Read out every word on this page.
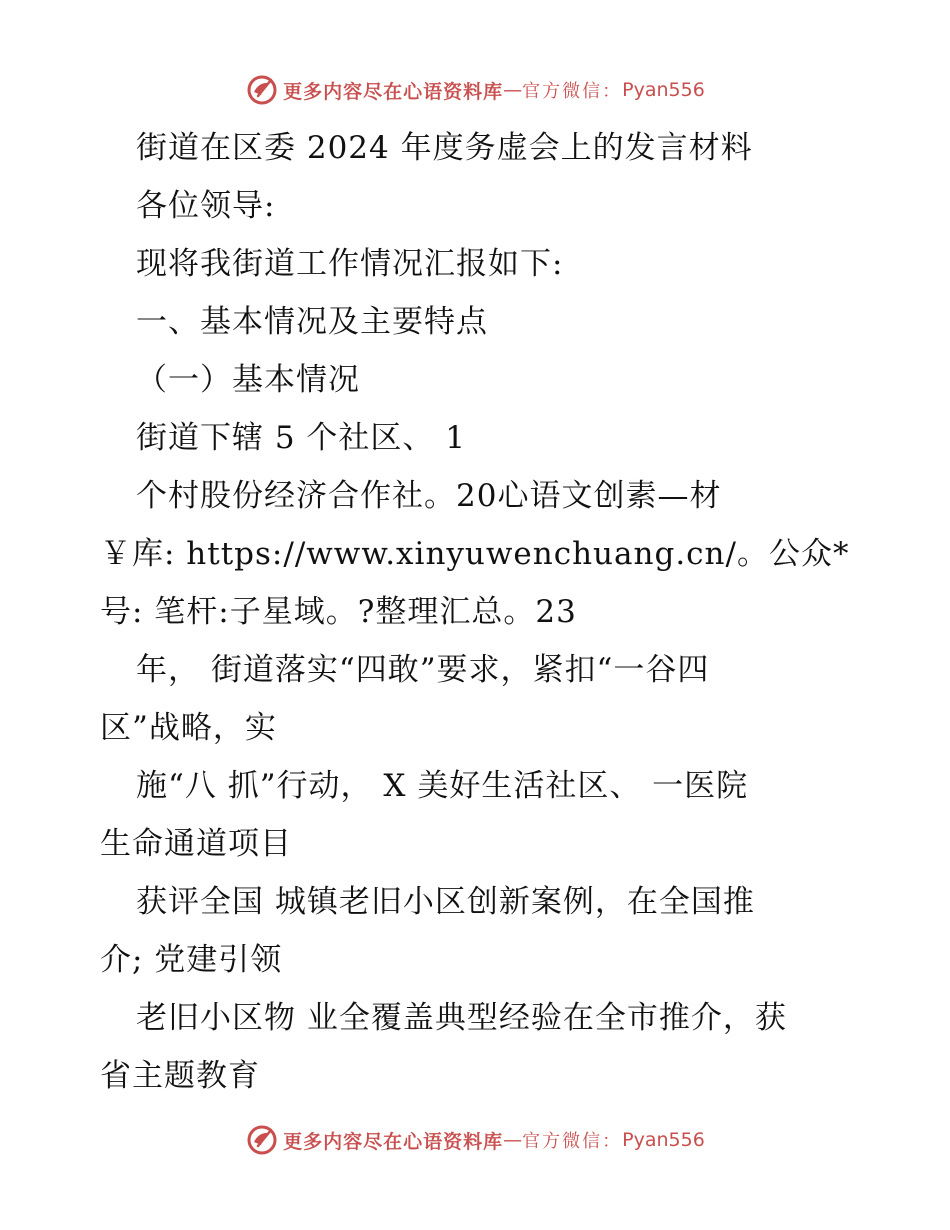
更多内容尽在心语资料库 — 官方微信： Pyan556
街道在区委 2024 年度务虚会上的发言材料
各位领导:
现将我街道工作情况汇报如下:
一、基本情况及主要特点
（一）基本情况
街道下辖 5 个社区、 1
个村股份经济合作社。20心语文创素—材
￥库: https://www.xinyuwenchuang.cn/。公众*
号: 笔杆:子星域。?整理汇总。23
年， 街道落实“四敢”要求，紧扣“一谷四
区”战略，实
施“八 抓”行动， X 美好生活社区、 一医院
生命通道项目
获评全国 城镇老旧小区创新案例，在全国推
介; 党建引领
老旧小区物 业全覆盖典型经验在全市推介，获
省主题教育
更多内容尽在心语资料库 — 官方微信： Pyan556
